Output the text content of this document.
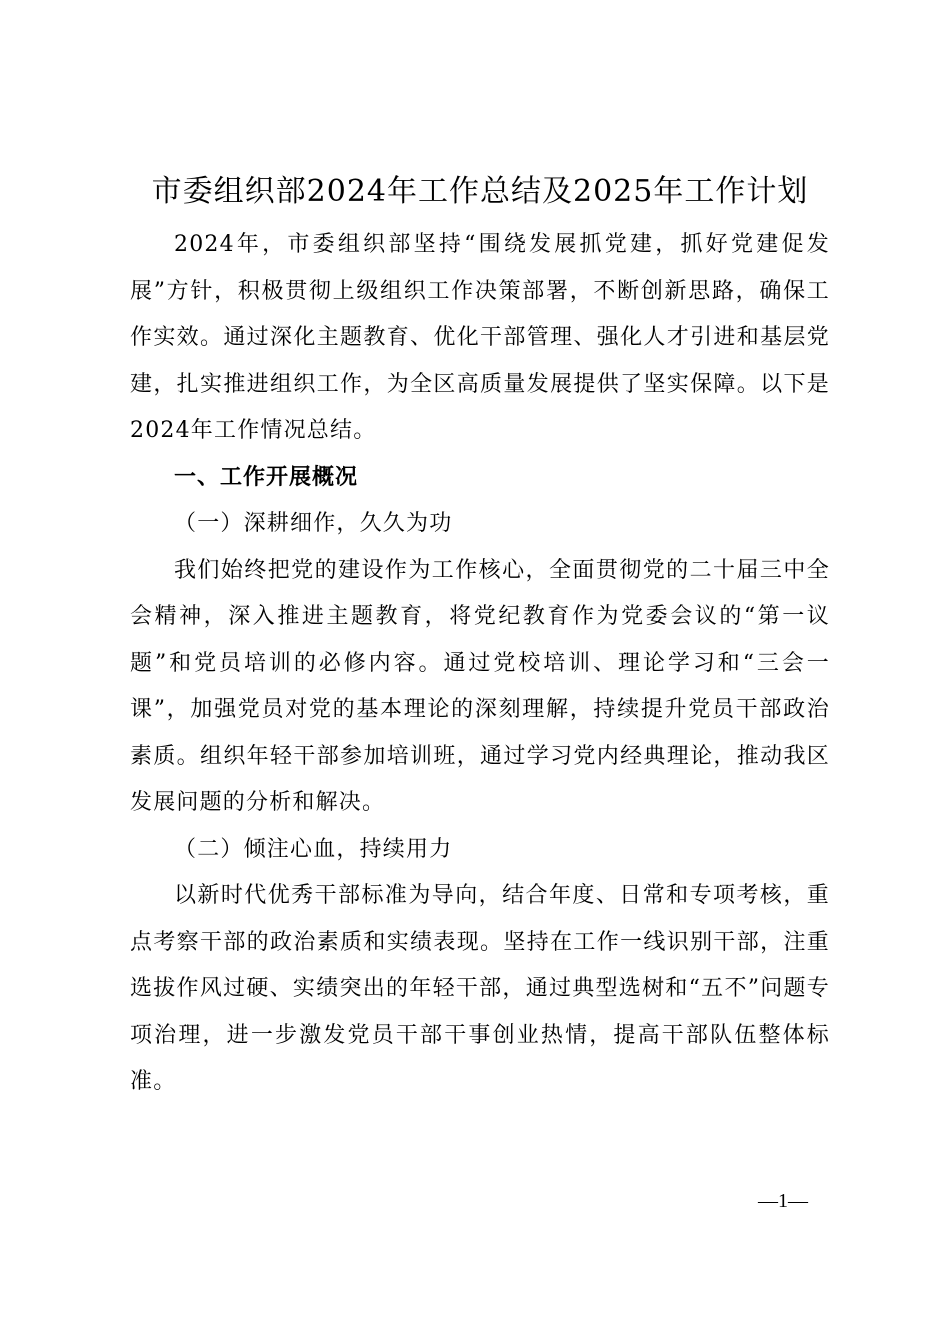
市委组织部2024年工作总结及2025年工作计划

2024年，市委组织部坚持“围绕发展抓党建，抓好党建促发展”方针，积极贯彻上级组织工作决策部署，不断创新思路，确保工作实效。通过深化主题教育、优化干部管理、强化人才引进和基层党建，扎实推进组织工作，为全区高质量发展提供了坚实保障。以下是2024年工作情况总结。

一、工作开展概况

（一）深耕细作，久久为功

我们始终把党的建设作为工作核心，全面贯彻党的二十届三中全会精神，深入推进主题教育，将党纪教育作为党委会议的“第一议题”和党员培训的必修内容。通过党校培训、理论学习和“三会一课”，加强党员对党的基本理论的深刻理解，持续提升党员干部政治素质。组织年轻干部参加培训班，通过学习党内经典理论，推动我区发展问题的分析和解决。

（二）倾注心血，持续用力

以新时代优秀干部标准为导向，结合年度、日常和专项考核，重点考察干部的政治素质和实绩表现。坚持在工作一线识别干部，注重选拔作风过硬、实绩突出的年轻干部，通过典型选树和“五不”问题专项治理，进一步激发党员干部干事创业热情，提高干部队伍整体标准。

—1—
